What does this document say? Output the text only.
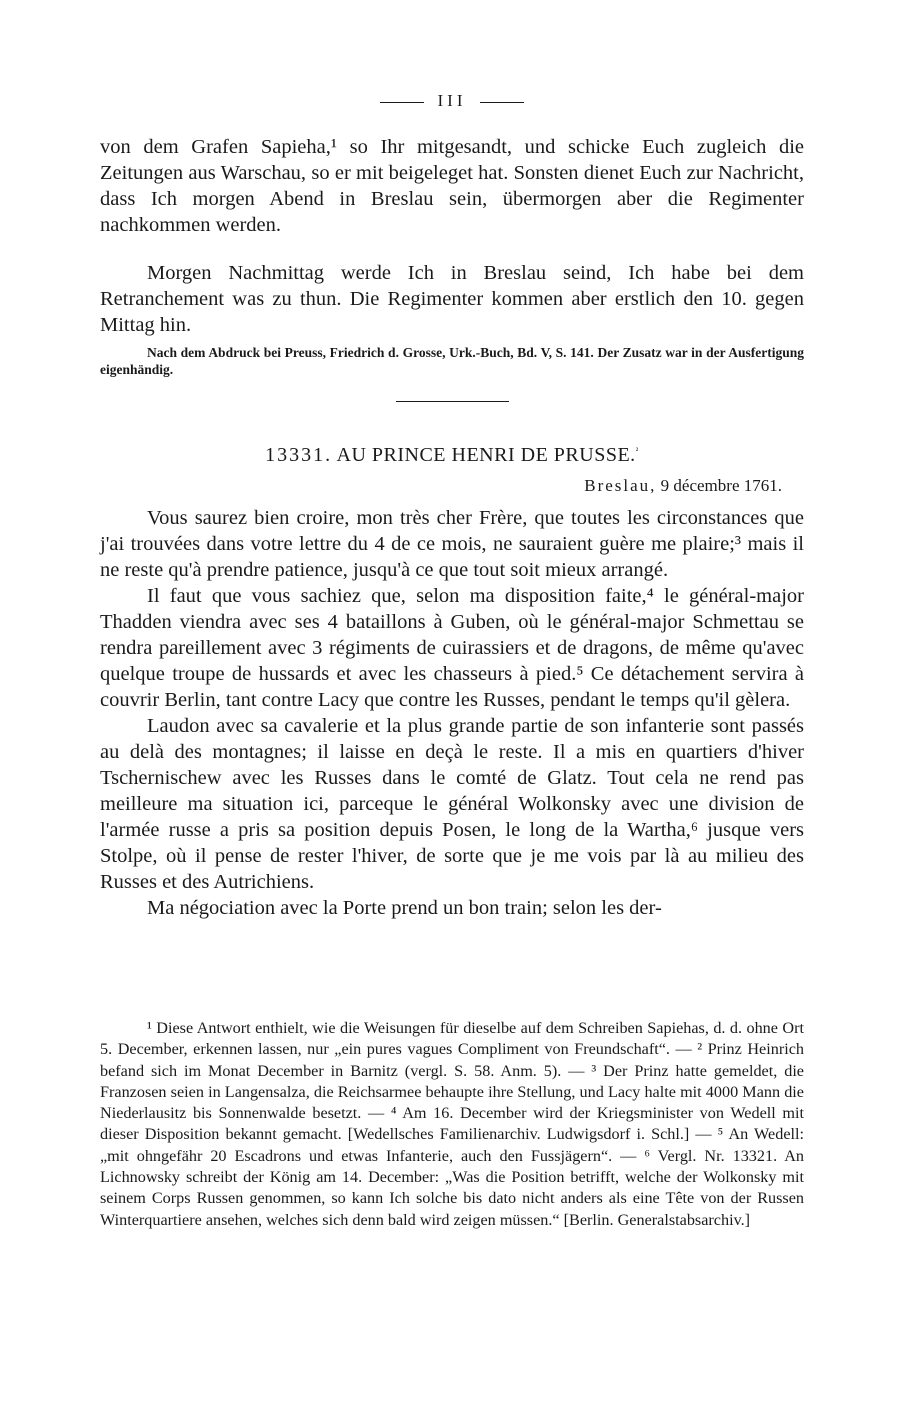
III

von dem Grafen Sapieha,¹ so Ihr mitgesandt, und schicke Euch zugleich die Zeitungen aus Warschau, so er mit beigeleget hat. Sonsten dienet Euch zur Nachricht, dass Ich morgen Abend in Breslau sein, übermorgen aber die Regimenter nachkommen werden.

Morgen Nachmittag werde Ich in Breslau seind, Ich habe bei dem Retranchement was zu thun. Die Regimenter kommen aber erstlich den 10. gegen Mittag hin.

Nach dem Abdruck bei Preuss, Friedrich d. Grosse, Urk.-Buch, Bd. V, S. 141. Der Zusatz war in der Ausfertigung eigenhändig.

13331. AU PRINCE HENRI DE PRUSSE.$^{^2}$
Breslau, 9 décembre 1761.

Vous saurez bien croire, mon très cher Frère, que toutes les circonstances que j'ai trouvées dans votre lettre du 4 de ce mois, ne sauraient guère me plaire;³ mais il ne reste qu'à prendre patience, jusqu'à ce que tout soit mieux arrangé.

Il faut que vous sachiez que, selon ma disposition faite,⁴ le général-major Thadden viendra avec ses 4 bataillons à Guben, où le général-major Schmettau se rendra pareillement avec 3 régiments de cuirassiers et de dragons, de même qu'avec quelque troupe de hussards et avec les chasseurs à pied.⁵ Ce détachement servira à couvrir Berlin, tant contre Lacy que contre les Russes, pendant le temps qu'il gèlera.

Laudon avec sa cavalerie et la plus grande partie de son infanterie sont passés au delà des montagnes; il laisse en deçà le reste. Il a mis en quartiers d'hiver Tschernischew avec les Russes dans le comté de Glatz. Tout cela ne rend pas meilleure ma situation ici, parceque le général Wolkonsky avec une division de l'armée russe a pris sa position depuis Posen, le long de la Wartha,⁶ jusque vers Stolpe, où il pense de rester l'hiver, de sorte que je me vois par là au milieu des Russes et des Autrichiens.

Ma négociation avec la Porte prend un bon train; selon les der-

¹ Diese Antwort enthielt, wie die Weisungen für dieselbe auf dem Schreiben Sapiehas, d. d. ohne Ort 5. December, erkennen lassen, nur „ein pures vagues Compliment von Freundschaft“. — ² Prinz Heinrich befand sich im Monat December in Barnitz (vergl. S. 58. Anm. 5). — ³ Der Prinz hatte gemeldet, die Franzosen seien in Langensalza, die Reichsarmee behaupte ihre Stellung, und Lacy halte mit 4000 Mann die Niederlausitz bis Sonnenwalde besetzt. — ⁴ Am 16. December wird der Kriegsminister von Wedell mit dieser Disposition bekannt gemacht. [Wedellsches Familienarchiv. Ludwigsdorf i. Schl.] — ⁵ An Wedell: „mit ohngefähr 20 Escadrons und etwas Infanterie, auch den Fussjägern“. — ⁶ Vergl. Nr. 13321. An Lichnowsky schreibt der König am 14. December: „Was die Position betrifft, welche der Wolkonsky mit seinem Corps Russen genommen, so kann Ich solche bis dato nicht anders als eine Tête von der Russen Winterquartiere ansehen, welches sich denn bald wird zeigen müssen.“ [Berlin. Generalstabsarchiv.]
